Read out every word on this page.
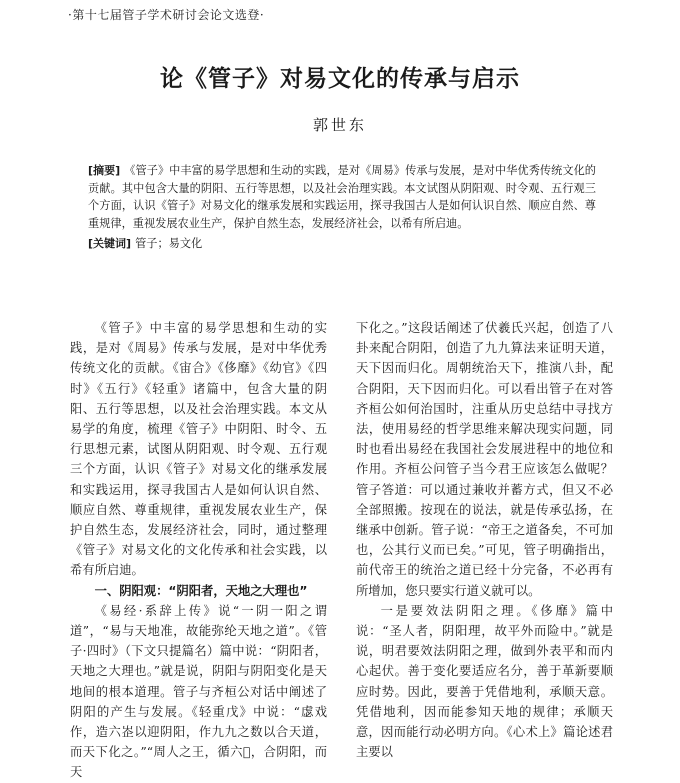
·第十七届管子学术研讨会论文选登·
论《管子》对易文化的传承与启示
郭世东
[摘要] 《管子》中丰富的易学思想和生动的实践，是对《周易》传承与发展，是对中华优秀传统文化的贡献。其中包含大量的阴阳、五行等思想，以及社会治理实践。本文试图从阴阳观、时令观、五行观三个方面，认识《管子》对易文化的继承发展和实践运用，探寻我国古人是如何认识自然、顺应自然、尊重规律，重视发展农业生产，保护自然生态，发展经济社会，以希有所启迪。
[关键词] 管子；易文化

《管子》中丰富的易学思想和生动的实践，是对《周易》传承与发展，是对中华优秀传统文化的贡献。《宙合》《侈靡》《幼官》《四时》《五行》《轻重》诸篇中，包含大量的阴阳、五行等思想，以及社会治理实践。本文从易学的角度，梳理《管子》中阴阳、时令、五行思想元素，试图从阴阳观、时令观、五行观三个方面，认识《管子》对易文化的继承发展和实践运用，探寻我国古人是如何认识自然、顺应自然、尊重规律，重视发展农业生产，保护自然生态，发展经济社会，同时，通过整理《管子》对易文化的文化传承和社会实践，以希有所启迪。

一、阴阳观：“阴阳者，天地之大理也”

《易经·系辞上传》说“一阴一阳之谓道”，“易与天地准，故能弥纶天地之道”。《管子·四时》（下文只提篇名）篇中说：“阴阳者，天地之大理也。”就是说，阴阳与阴阳变化是天地间的根本道理。管子与齐桓公对话中阐述了阴阳的产生与发展。《轻重戊》中说：“虙戏作，造六峜以迎阴阳，作九九之数以合天道，而天下化之。”“周人之王，循六𨓟，合阴阳，而天

下化之。”这段话阐述了伏羲氏兴起，创造了八卦来配合阴阳，创造了九九算法来证明天道，天下因而归化。周朝统治天下，推演八卦，配合阴阳，天下因而归化。可以看出管子在对答齐桓公如何治国时，注重从历史总结中寻找方法，使用易经的哲学思维来解决现实问题，同时也看出易经在我国社会发展进程中的地位和作用。齐桓公问管子当今君王应该怎么做呢？管子答道：可以通过兼收并蓄方式，但又不必全部照搬。按现在的说法，就是传承弘扬，在继承中创新。管子说：“帝王之道备矣，不可加也，公其行义而已矣。”可见，管子明确指出，前代帝王的统治之道已经十分完备，不必再有所增加，您只要实行道义就可以。

一是要效法阴阳之理。《侈靡》篇中说：“圣人者，阴阳理，故平外而险中。”就是说，明君要效法阴阳之理，做到外表平和而内心起伏。善于变化要适应名分，善于革新要顺应时势。因此，要善于凭借地利，承顺天意。凭借地利，因而能参知天地的规律；承顺天意，因而能行动必明方向。《心术上》篇论述君主要以
